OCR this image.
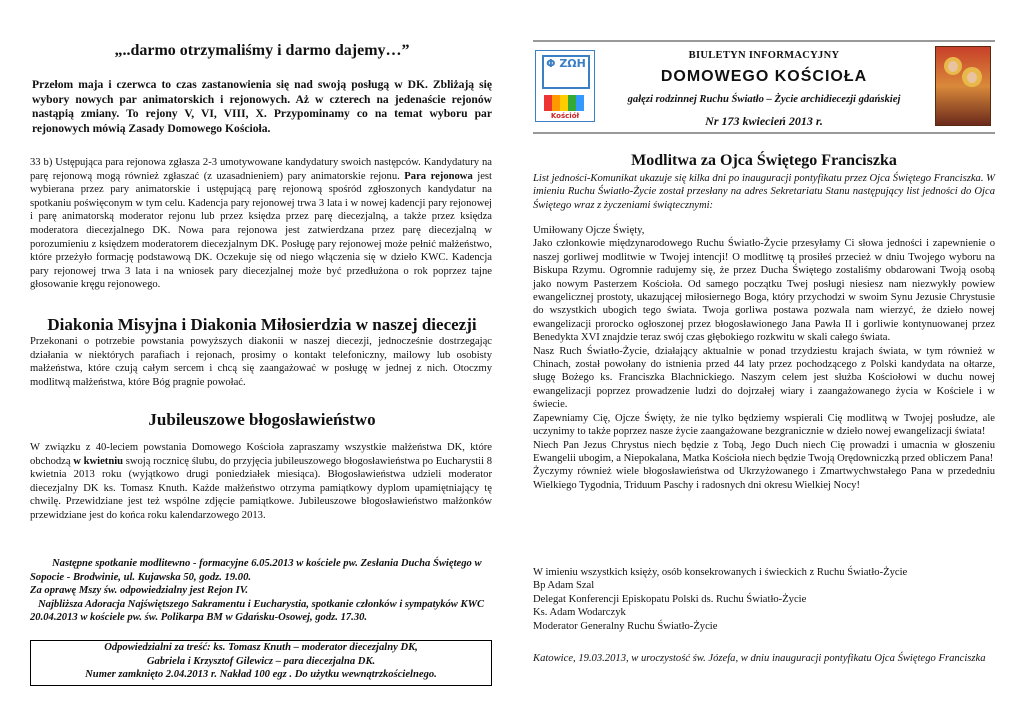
„..darmo otrzymaliśmy i darmo dajemy…”

Przełom maja i czerwca to czas zastanowienia się nad swoją posługą w DK. Zbliżają się wybory nowych par animatorskich i rejonowych. Aż w czterech na jedenaście rejonów nastąpią zmiany. To rejony V, VI, VIII, X. Przypominamy co na temat wyboru par rejonowych mówią Zasady Domowego Kościoła.

33 b) Ustępująca para rejonowa zgłasza 2-3 umotywowane kandydatury swoich następców. Kandydatury na parę rejonową mogą również zgłaszać (z uzasadnieniem) pary animatorskie rejonu. Para rejonowa jest wybierana przez pary animatorskie i ustępującą parę rejonową spośród zgłoszonych kandydatur na spotkaniu poświęconym w tym celu. Kadencja pary rejonowej trwa 3 lata i w nowej kadencji pary rejonowej i parę animatorską moderator rejonu lub przez księdza przez parę diecezjalną, a także przez księdza moderatora diecezjalnego DK. Nowa para rejonowa jest zatwierdzana przez parę diecezjalną w porozumieniu z księdzem moderatorem diecezjalnym DK. Posługę pary rejonowej może pełnić małżeństwo, które przeżyło formację podstawową DK. Oczekuje się od niego włączenia się w dzieło KWC. Kadencja pary rejonowej trwa 3 lata i na wniosek pary diecezjalnej może być przedłużona o rok poprzez tajne głosowanie kręgu rejonowego.

Diakonia Misyjna i Diakonia Miłosierdzia w naszej diecezji

Przekonani o potrzebie powstania powyższych diakonii w naszej diecezji, jednocześnie dostrzegając działania w niektórych parafiach i rejonach, prosimy o kontakt telefoniczny, mailowy lub osobisty małżeństwa, które czują całym sercem i chcą się zaangażować w posługę w jednej z nich. Otoczmy modlitwą małżeństwa, które Bóg pragnie powołać.

Jubileuszowe błogosławieństwo

W związku z 40-leciem powstania Domowego Kościoła zapraszamy wszystkie małżeństwa DK, które obchodzą w kwietniu swoją rocznicę ślubu, do przyjęcia jubileuszowego błogosławieństwa po Eucharystii 8 kwietnia 2013 roku (wyjątkowo drugi poniedziałek miesiąca). Błogosławieństwa udzieli moderator diecezjalny DK ks. Tomasz Knuth. Każde małżeństwo otrzyma pamiątkowy dyplom upamiętniający tę chwilę. Przewidziane jest też wspólne zdjęcie pamiątkowe. Jubileuszowe błogosławieństwo małżonków przewidziane jest do końca roku kalendarzowego 2013.

Następne spotkanie modlitewno - formacyjne 6.05.2013 w kościele pw. Zesłania Ducha Świętego w Sopocie - Brodwinie, ul. Kujawska 50, godz. 19.00.

Za oprawę Mszy św. odpowiedzialny jest Rejon IV.

Najbliższa Adoracja Najświętszego Sakramentu i Eucharystia, spotkanie członków i sympatyków KWC 20.04.2013 w kościele pw. św. Polikarpa BM w Gdańsku-Osowej, godz. 17.30.

Odpowiedzialni za treść: ks. Tomasz Knuth – moderator diecezjalny DK,

Gabriela i Krzysztof Gilewicz – para diecezjalna DK.

Numer zamknięto 2.04.2013 r. Nakład 100 egz . Do użytku wewnątrzkościelnego.

Φ ΖΩΗ
Kościół
BIULETYN INFORMACYJNY
DOMOWEGO KOŚCIOŁA
gałęzi rodzinnej Ruchu Światło – Życie archidiecezji gdańskiej
Nr 173 kwiecień 2013 r.
Modlitwa za Ojca Świętego Franciszka

List jedności-Komunikat ukazuje się kilka dni po inauguracji pontyfikatu przez Ojca Świętego Franciszka. W imieniu Ruchu Światło-Życie został przesłany na adres Sekretariatu Stanu następujący list jedności do Ojca Świętego wraz z życzeniami świątecznymi:

Umiłowany Ojcze Święty,

Jako członkowie międzynarodowego Ruchu Światło-Życie przesyłamy Ci słowa jedności i zapewnienie o naszej gorliwej modlitwie w Twojej intencji! O modlitwę tą prosiłeś przecież w dniu Twojego wyboru na Biskupa Rzymu. Ogromnie radujemy się, że przez Ducha Świętego zostaliśmy obdarowani Twoją osobą jako nowym Pasterzem Kościoła. Od samego początku Twej posługi niesiesz nam niezwykły powiew ewangelicznej prostoty, ukazującej miłosiernego Boga, który przychodzi w swoim Synu Jezusie Chrystusie do wszystkich ubogich tego świata. Twoja gorliwa postawa pozwala nam wierzyć, że dzieło nowej ewangelizacji prorocko ogłoszonej przez błogosławionego Jana Pawła II i gorliwie kontynuowanej przez Benedykta XVI znajdzie teraz swój czas głębokiego rozkwitu w skali całego świata.

Nasz Ruch Światło-Życie, działający aktualnie w ponad trzydziestu krajach świata, w tym również w Chinach, został powołany do istnienia przed 44 laty przez pochodzącego z Polski kandydata na ołtarze, sługę Bożego ks. Franciszka Blachnickiego. Naszym celem jest służba Kościołowi w duchu nowej ewangelizacji poprzez prowadzenie ludzi do dojrzałej wiary i zaangażowanego życia w Kościele i w świecie.

Zapewniamy Cię, Ojcze Święty, że nie tylko będziemy wspierali Cię modlitwą w Twojej posłudze, ale uczynimy to także poprzez nasze życie zaangażowane bezgranicznie w dzieło nowej ewangelizacji świata!

Niech Pan Jezus Chrystus niech będzie z Tobą, Jego Duch niech Cię prowadzi i umacnia w głoszeniu Ewangelii ubogim, a Niepokalana, Matka Kościoła niech będzie Twoją Orędowniczką przed obliczem Pana!

Życzymy również wiele błogosławieństwa od Ukrzyżowanego i Zmartwychwstałego Pana w przededniu Wielkiego Tygodnia, Triduum Paschy i radosnych dni okresu Wielkiej Nocy!

W imieniu wszystkich księży, osób konsekrowanych i świeckich z Ruchu Światło-Życie

Bp Adam Szal

Delegat Konferencji Episkopatu Polski ds. Ruchu Światło-Życie

Ks. Adam Wodarczyk

Moderator Generalny Ruchu Światło-Życie

Katowice, 19.03.2013, w uroczystość św. Józefa, w dniu inauguracji pontyfikatu Ojca Świętego Franciszka
